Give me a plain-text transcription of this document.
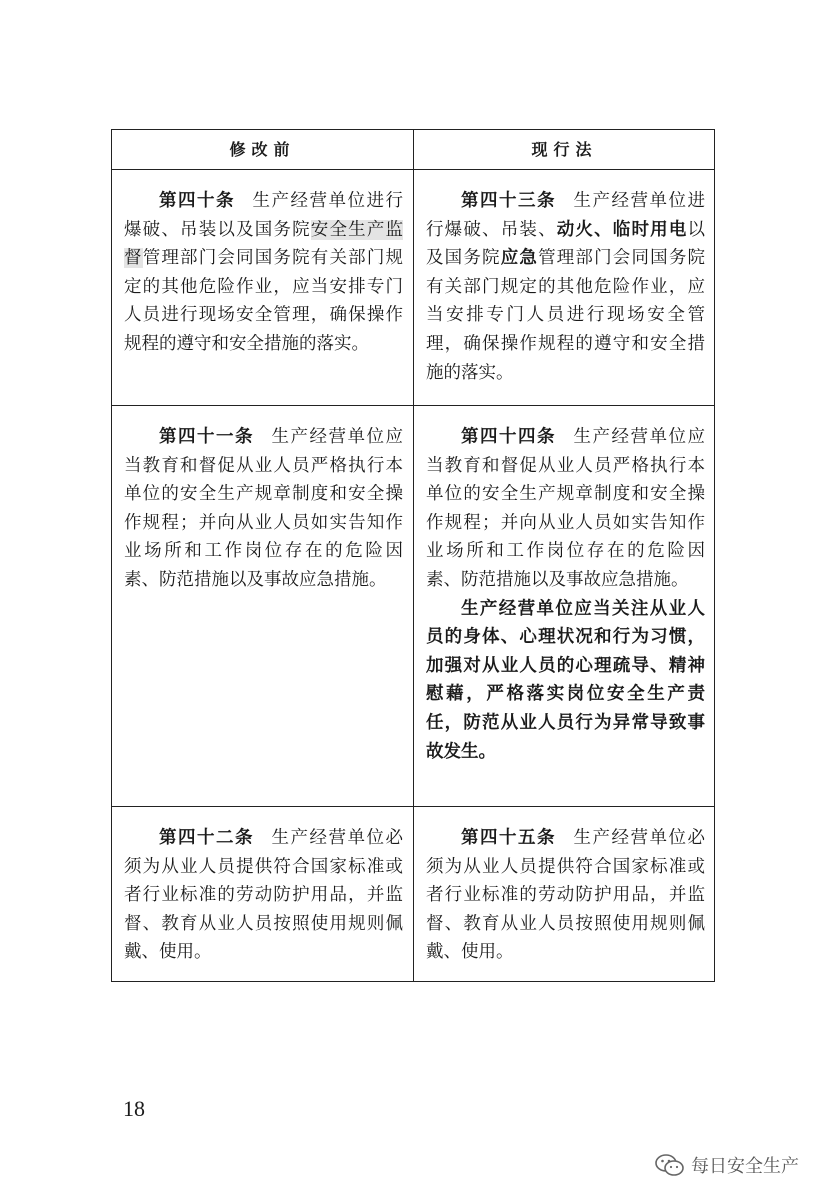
修改前	现行法

第四十条 生产经营单位进行爆破、吊装以及国务院安全生产监督管理部门会同国务院有关部门规定的其他危险作业，应当安排专门人员进行现场安全管理，确保操作规程的遵守和安全措施的落实。

第四十三条 生产经营单位进行爆破、吊装、动火、临时用电以及国务院应急管理部门会同国务院有关部门规定的其他危险作业，应当安排专门人员进行现场安全管理，确保操作规程的遵守和安全措施的落实。

第四十一条 生产经营单位应当教育和督促从业人员严格执行本单位的安全生产规章制度和安全操作规程；并向从业人员如实告知作业场所和工作岗位存在的危险因素、防范措施以及事故应急措施。

第四十四条 生产经营单位应当教育和督促从业人员严格执行本单位的安全生产规章制度和安全操作规程；并向从业人员如实告知作业场所和工作岗位存在的危险因素、防范措施以及事故应急措施。

生产经营单位应当关注从业人员的身体、心理状况和行为习惯，加强对从业人员的心理疏导、精神慰藉，严格落实岗位安全生产责任，防范从业人员行为异常导致事故发生。

第四十二条 生产经营单位必须为从业人员提供符合国家标准或者行业标准的劳动防护用品，并监督、教育从业人员按照使用规则佩戴、使用。

第四十五条 生产经营单位必须为从业人员提供符合国家标准或者行业标准的劳动防护用品，并监督、教育从业人员按照使用规则佩戴、使用。

18
每日安全生产
